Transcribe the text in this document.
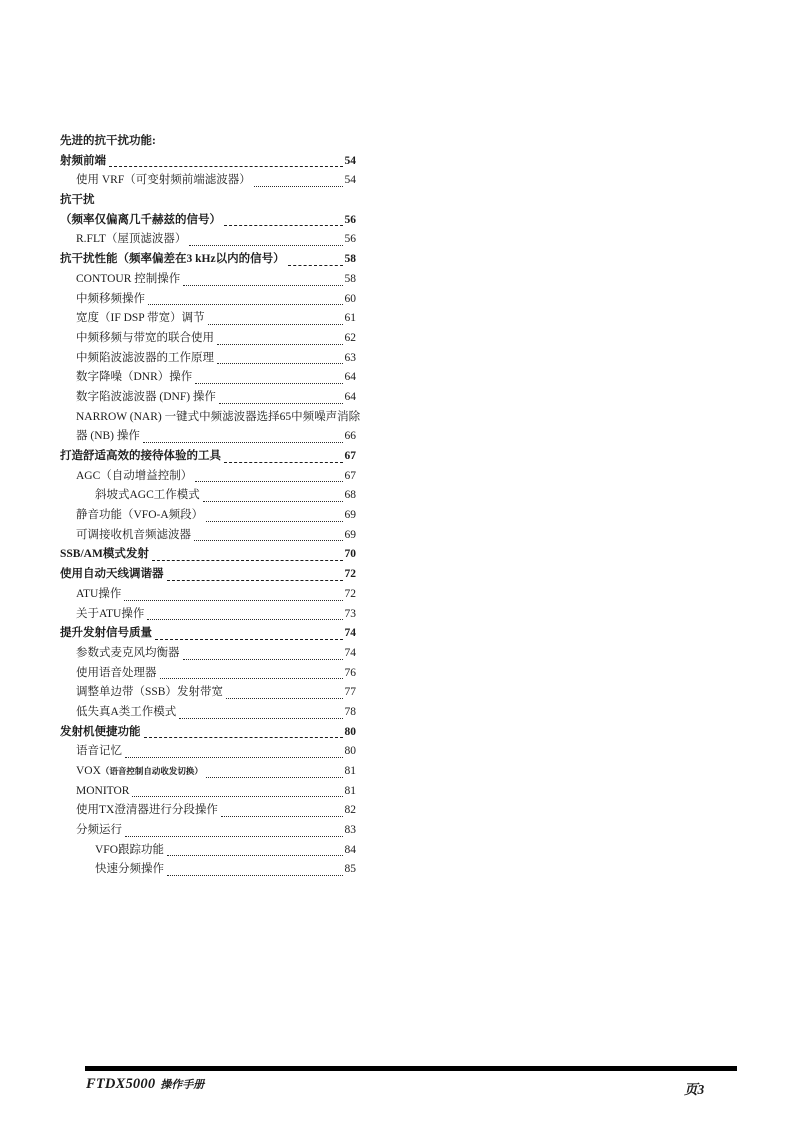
先进的抗干扰功能:
射频前端	54
使用 VRF（可变射频前端滤波器）	54
抗干扰
（频率仅偏离几千赫兹的信号）	56
R.FLT（屋顶滤波器）	56
抗干扰性能（频率偏差在3 kHz以内的信号）	58
CONTOUR 控制操作	58
中频移频操作	60
宽度（IF DSP 带宽）调节	61
中频移频与带宽的联合使用	62
中频陷波滤波器的工作原理	63
数字降噪（DNR）操作	64
数字陷波滤波器 (DNF) 操作	64
NARROW (NAR) 一键式中频滤波器选择65中频噪声消除
器 (NB) 操作	66
打造舒适高效的接待体验的工具	67
AGC（自动增益控制）	67
斜坡式AGC工作模式	68
静音功能（VFO-A频段）	69
可调接收机音频滤波器	69
SSB/AM模式发射	70
使用自动天线调谐器	72
ATU操作	72
关于ATU操作	73
提升发射信号质量	74
参数式麦克风均衡器	74
使用语音处理器	76
调整单边带（SSB）发射带宽	77
低失真A类工作模式	78
发射机便捷功能	80
语音记忆	80
VOX （语音控制自动收发切换）	81
MONITOR	81
使用TX澄清器进行分段操作	82
分频运行	83
VFO跟踪功能	84
快速分频操作	85
FTDX5000 操作手册	页3
